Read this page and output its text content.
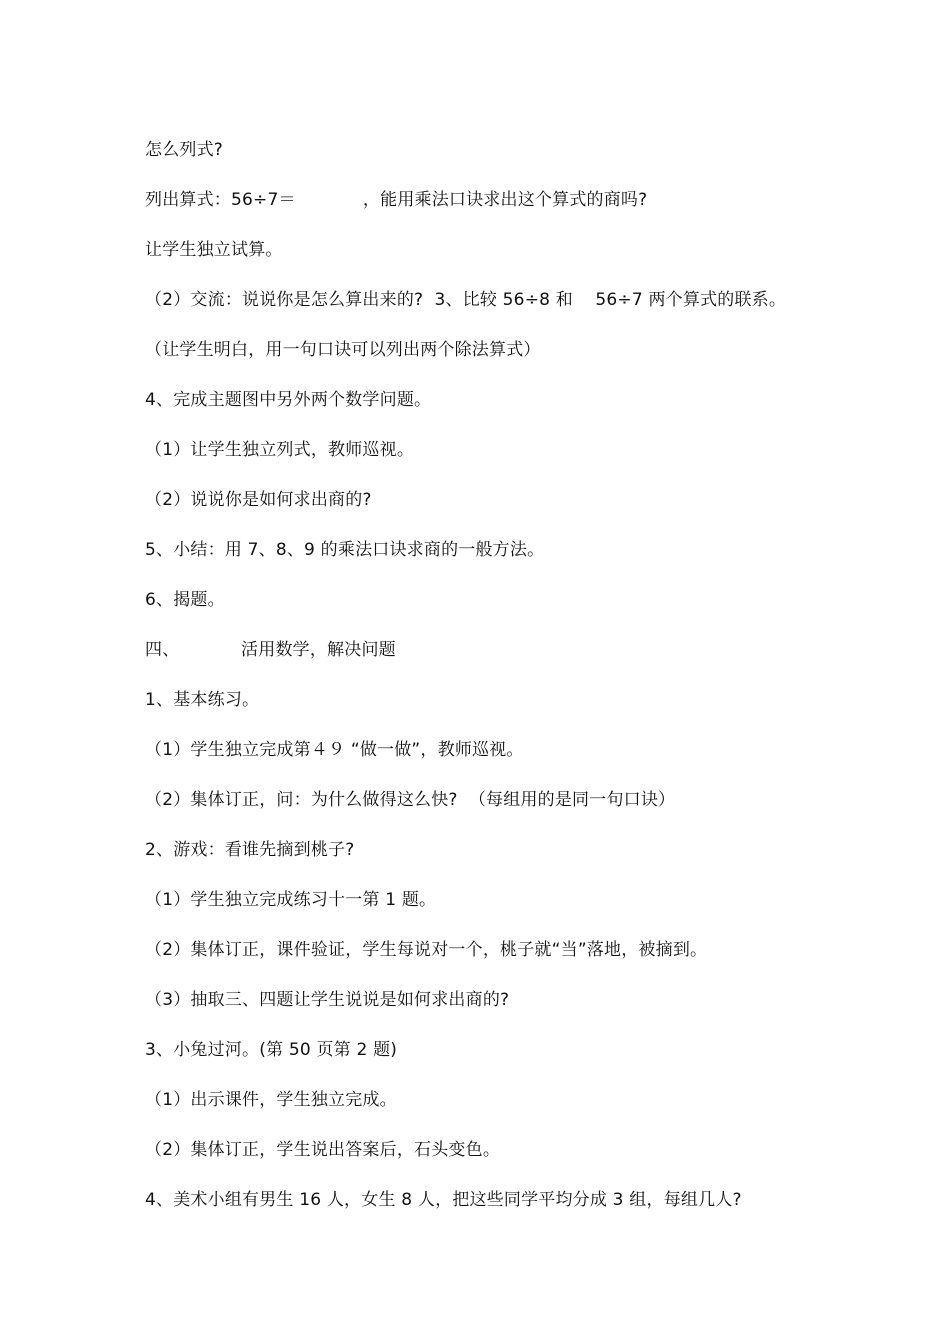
怎么列式?
列出算式：56÷7＝            ，能用乘法口诀求出这个算式的商吗?
让学生独立试算。
（2）交流：说说你是怎么算出来的?  3、比较 56÷8 和    56÷7 两个算式的联系。
（让学生明白，用一句口诀可以列出两个除法算式）
4、完成主题图中另外两个数学问题。
（1）让学生独立列式，教师巡视。
（2）说说你是如何求出商的?
5、小结：用 7、8、9 的乘法口诀求商的一般方法。
6、揭题。
四、           活用数学，解决问题
1、基本练习。
（1）学生独立完成第４９ “做一做”，教师巡视。
（2）集体订正，问：为什么做得这么快?  （每组用的是同一句口诀）
2、游戏：看谁先摘到桃子?
（1）学生独立完成练习十一第 1 题。
（2）集体订正，课件验证，学生每说对一个，桃子就“当”落地，被摘到。
（3）抽取三、四题让学生说说是如何求出商的?
3、小兔过河。(第 50 页第 2 题)
（1）出示课件，学生独立完成。
（2）集体订正，学生说出答案后，石头变色。
4、美术小组有男生 16 人，女生 8 人，把这些同学平均分成 3 组，每组几人?
